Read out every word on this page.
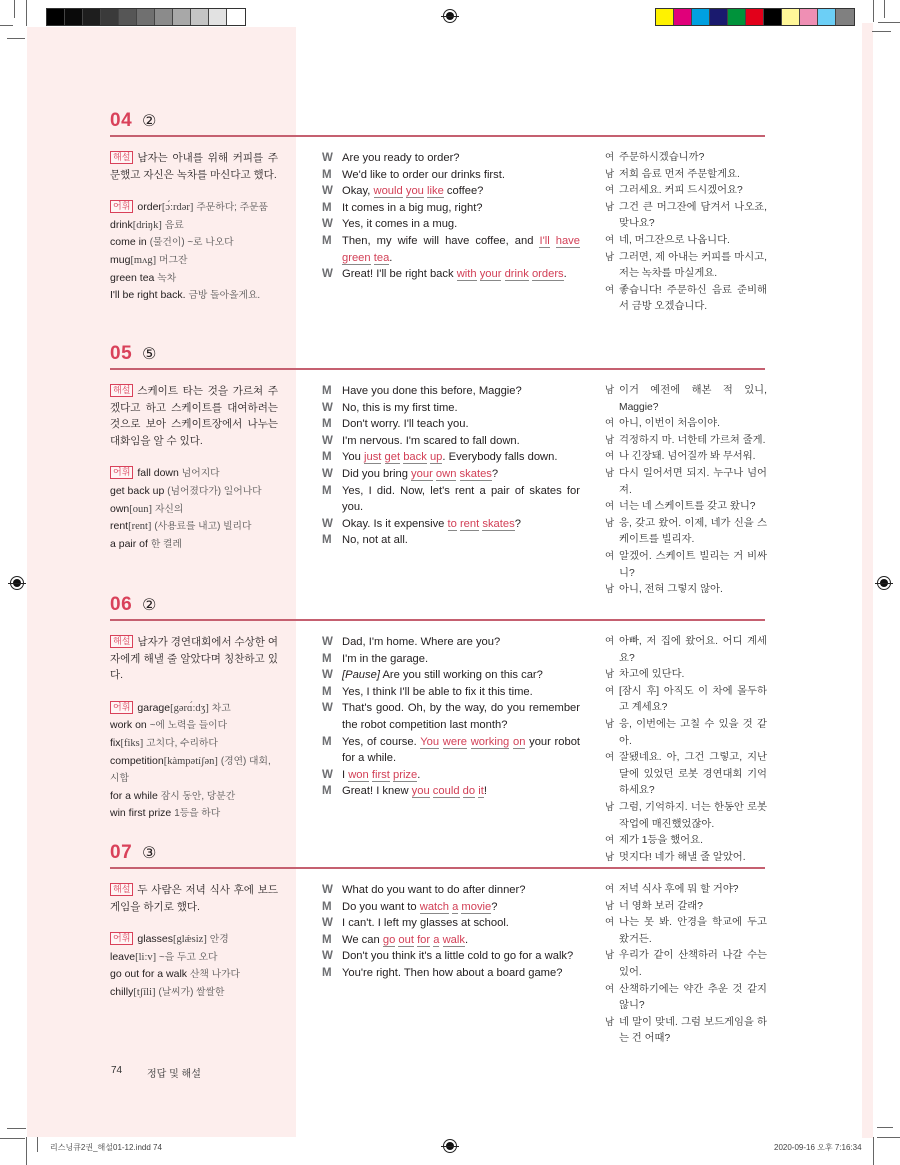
04 ②
해설 남자는 아내를 위해 커피를 주문했고 자신은 녹차를 마신다고 했다.
어휘 order[ɔ́ːrdər] 주문하다; 주문품
drink[driŋk] 음료
come in (물건이) ~로 나오다
mug[mʌg] 머그잔
green tea 녹차
I'll be right back. 금방 돌아올게요.
W Are you ready to order?
M We'd like to order our drinks first.
W Okay, would you like coffee?
M It comes in a big mug, right?
W Yes, it comes in a mug.
M Then, my wife will have coffee, and I'll have green tea.
W Great! I'll be right back with your drink orders.
여 주문하시겠습니까?
남 저희 음료 먼저 주문할게요.
여 그러세요. 커피 드시겠어요?
남 그건 큰 머그잔에 담겨서 나오죠, 맞나요?
여 네, 머그잔으로 나옵니다.
남 그러면, 제 아내는 커피를 마시고, 저는 녹차를 마실게요.
여 좋습니다! 주문하신 음료 준비해서 금방 오겠습니다.
05 ⑤
해설 스케이트 타는 것을 가르쳐 주겠다고 하고 스케이트를 대여하려는 것으로 보아 스케이트장에서 나누는 대화임을 알 수 있다.
어휘 fall down 넘어지다
get back up (넘어졌다가) 일어나다
own[oun] 자신의
rent[rent] (사용료를 내고) 빌리다
a pair of 한 켤레
M Have you done this before, Maggie?
W No, this is my first time.
M Don't worry. I'll teach you.
W I'm nervous. I'm scared to fall down.
M You just get back up. Everybody falls down.
W Did you bring your own skates?
M Yes, I did. Now, let's rent a pair of skates for you.
W Okay. Is it expensive to rent skates?
M No, not at all.
남 이거 예전에 해본 적 있니, Maggie?
여 아니, 이번이 처음이야.
남 걱정하지 마. 너한테 가르쳐 줄게.
여 나 긴장돼. 넘어질까 봐 무서워.
남 다시 일어서면 되지. 누구나 넘어져.
여 너는 네 스케이트를 갖고 왔니?
남 응, 갖고 왔어. 이제, 네가 신을 스케이트를 빌리자.
여 알겠어. 스케이트 빌리는 거 비싸니?
남 아니, 전혀 그렇지 않아.
06 ②
해설 남자가 경연대회에서 수상한 여자에게 해낼 줄 알았다며 칭찬하고 있다.
어휘 garage[gərɑ́ːdʒ] 차고
work on ~에 노력을 들이다
fix[fiks] 고치다, 수리하다
competition[kàmpətíʃən] (경연) 대회, 시합
for a while 잠시 동안, 당분간
win first prize 1등을 하다
W Dad, I'm home. Where are you?
M I'm in the garage.
W [Pause] Are you still working on this car?
M Yes, I think I'll be able to fix it this time.
W That's good. Oh, by the way, do you remember the robot competition last month?
M Yes, of course. You were working on your robot for a while.
W I won first prize.
M Great! I knew you could do it!
여 아빠, 저 집에 왔어요. 어디 계세요?
남 차고에 있단다.
여 [잠시 후] 아직도 이 차에 몰두하고 계세요?
남 응, 이번에는 고칠 수 있을 것 같아.
여 잘됐네요. 아, 그건 그렇고, 지난달에 있었던 로봇 경연대회 기억하세요?
남 그럼, 기억하지. 너는 한동안 로봇 작업에 매진했었잖아.
여 제가 1등을 했어요.
남 멋지다! 네가 해낼 줄 알았어.
07 ③
해설 두 사람은 저녁 식사 후에 보드게임을 하기로 했다.
어휘 glasses[glǽsiz] 안경
leave[liːv] ~을 두고 오다
go out for a walk 산책 나가다
chilly[tʃíli] (날씨가) 쌀쌀한
W What do you want to do after dinner?
M Do you want to watch a movie?
W I can't. I left my glasses at school.
M We can go out for a walk.
W Don't you think it's a little cold to go for a walk?
M You're right. Then how about a board game?
여 저녁 식사 후에 뭐 할 거야?
남 너 영화 보러 갈래?
여 나는 못 봐. 안경을 학교에 두고 왔거든.
남 우리가 같이 산책하러 나갈 수는 있어.
여 산책하기에는 약간 추운 것 같지 않니?
남 네 말이 맞네. 그럼 보드게임을 하는 건 어때?
74 정답 및 해설
리스닝큐2권_해설01-12.indd 74	2020-09-16 오후 7:16:34
